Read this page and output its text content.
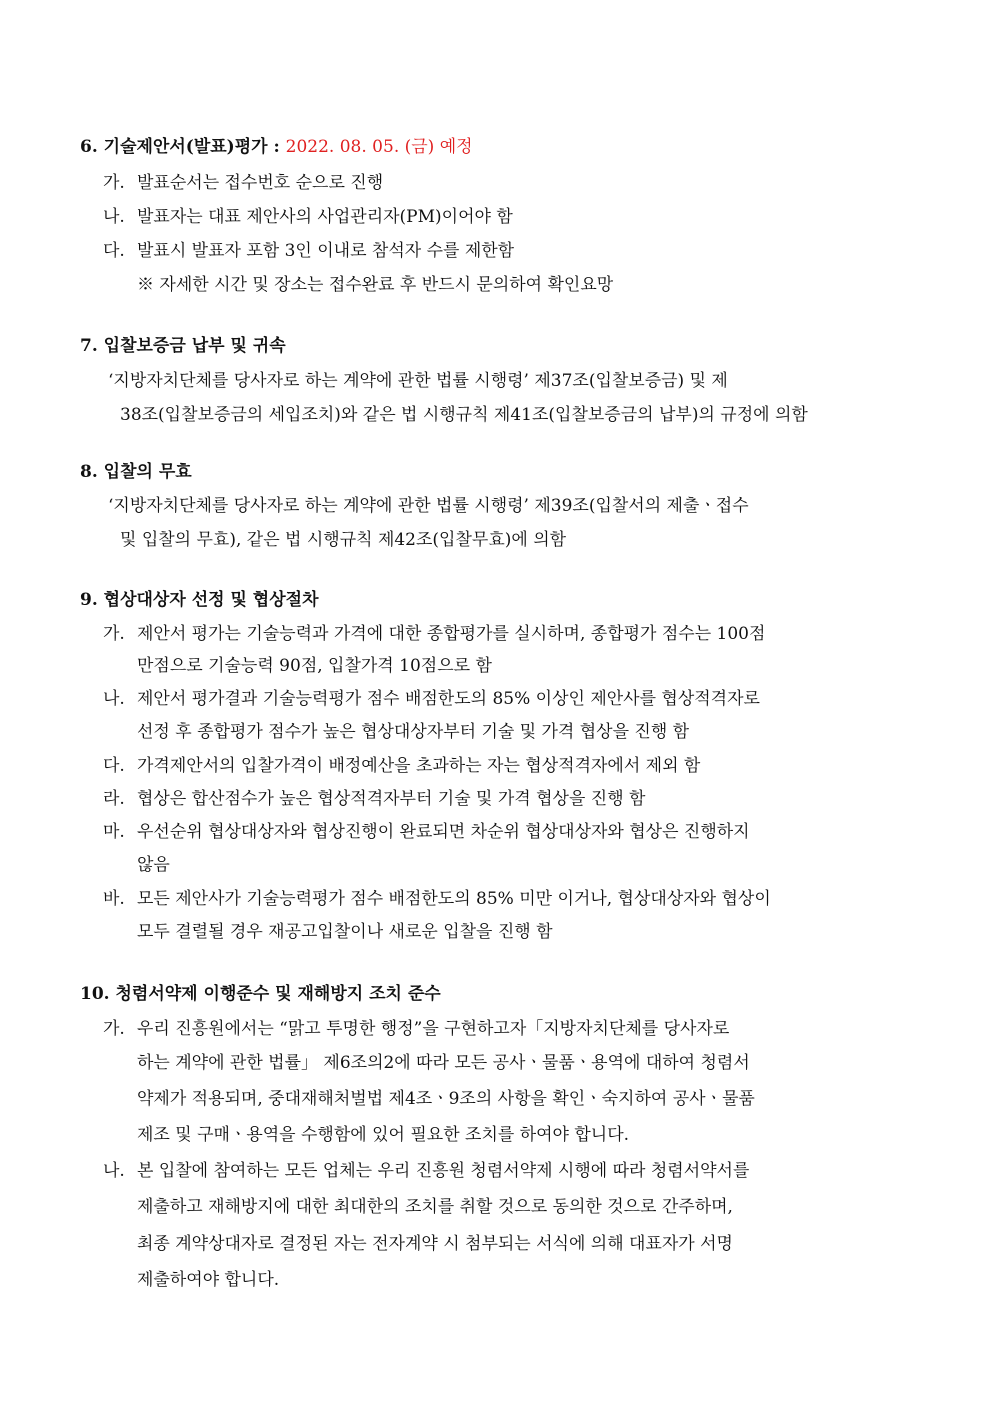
6. 기술제안서(발표)평가 : 2022. 08. 05. (금) 예정
가. 발표순서는 접수번호 순으로 진행
나. 발표자는 대표 제안사의 사업관리자(PM)이어야 함
다. 발표시 발표자 포함 3인 이내로 참석자 수를 제한함
※ 자세한 시간 및 장소는 접수완료 후 반드시 문의하여 확인요망
7. 입찰보증금 납부 및 귀속
‘지방자치단체를 당사자로 하는 계약에 관한 법률 시행령’ 제37조(입찰보증금) 및 제
38조(입찰보증금의 세입조치)와 같은 법 시행규칙 제41조(입찰보증금의 납부)의 규정에 의함
8. 입찰의 무효
‘지방자치단체를 당사자로 하는 계약에 관한 법률 시행령’ 제39조(입찰서의 제출ㆍ접수
및 입찰의 무효), 같은 법 시행규칙 제42조(입찰무효)에 의함
9. 협상대상자 선정 및 협상절차
가. 제안서 평가는 기술능력과 가격에 대한 종합평가를 실시하며, 종합평가 점수는 100점
만점으로 기술능력 90점, 입찰가격 10점으로 함
나. 제안서 평가결과 기술능력평가 점수 배점한도의 85% 이상인 제안사를 협상적격자로
선정 후 종합평가 점수가 높은 협상대상자부터 기술 및 가격 협상을 진행 함
다. 가격제안서의 입찰가격이 배정예산을 초과하는 자는 협상적격자에서 제외 함
라. 협상은 합산점수가 높은 협상적격자부터 기술 및 가격 협상을 진행 함
마. 우선순위 협상대상자와 협상진행이 완료되면 차순위 협상대상자와 협상은 진행하지
않음
바. 모든 제안사가 기술능력평가 점수 배점한도의 85% 미만 이거나, 협상대상자와 협상이
모두 결렬될 경우 재공고입찰이나 새로운 입찰을 진행 함
10. 청렴서약제 이행준수 및 재해방지 조치 준수
가. 우리 진흥원에서는 “맑고 투명한 행정”을 구현하고자「지방자치단체를 당사자로
하는 계약에 관한 법률」 제6조의2에 따라 모든 공사ㆍ물품ㆍ용역에 대하여 청렴서
약제가 적용되며, 중대재해처벌법 제4조ㆍ9조의 사항을 확인ㆍ숙지하여 공사ㆍ물품
제조 및 구매ㆍ용역을 수행함에 있어 필요한 조치를 하여야 합니다.
나. 본 입찰에 참여하는 모든 업체는 우리 진흥원 청렴서약제 시행에 따라 청렴서약서를
제출하고 재해방지에 대한 최대한의 조치를 취할 것으로 동의한 것으로 간주하며,
최종 계약상대자로 결정된 자는 전자계약 시 첨부되는 서식에 의해 대표자가 서명
제출하여야 합니다.
